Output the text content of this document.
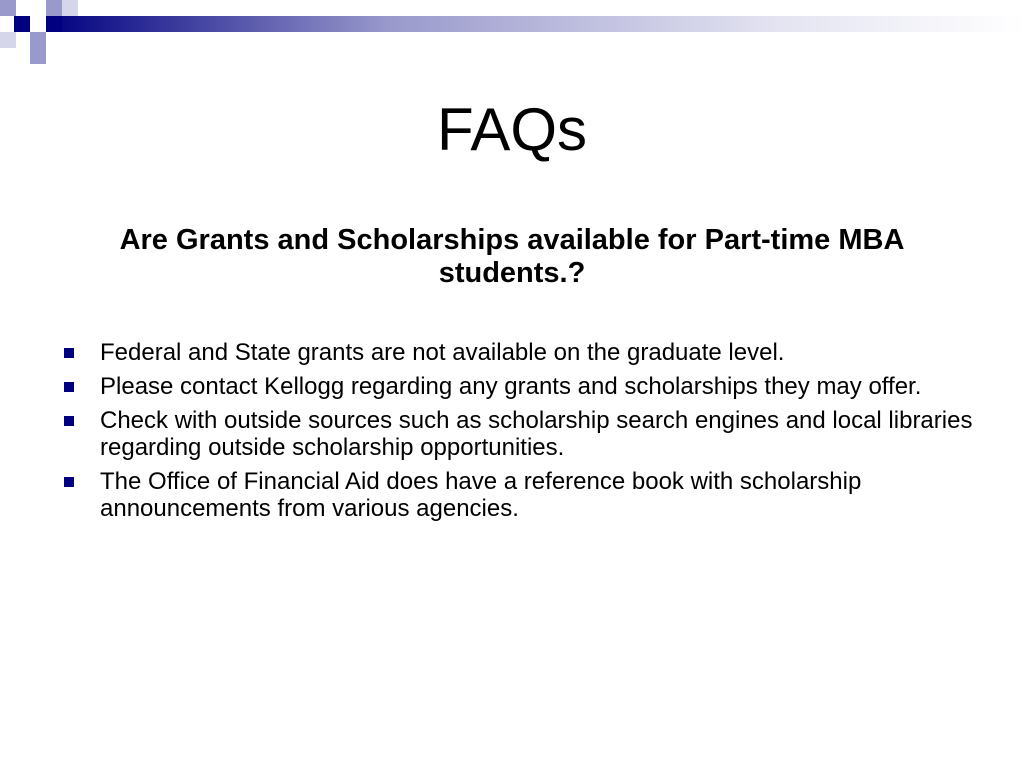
FAQs

Are Grants and Scholarships available for Part-time MBA students.?

Federal and State grants are not available on the graduate level.
Please contact Kellogg regarding any grants and scholarships they may offer.
Check with outside sources such as scholarship search engines and local libraries regarding outside scholarship opportunities.
The Office of Financial Aid does have a reference book with scholarship announcements from various agencies.
